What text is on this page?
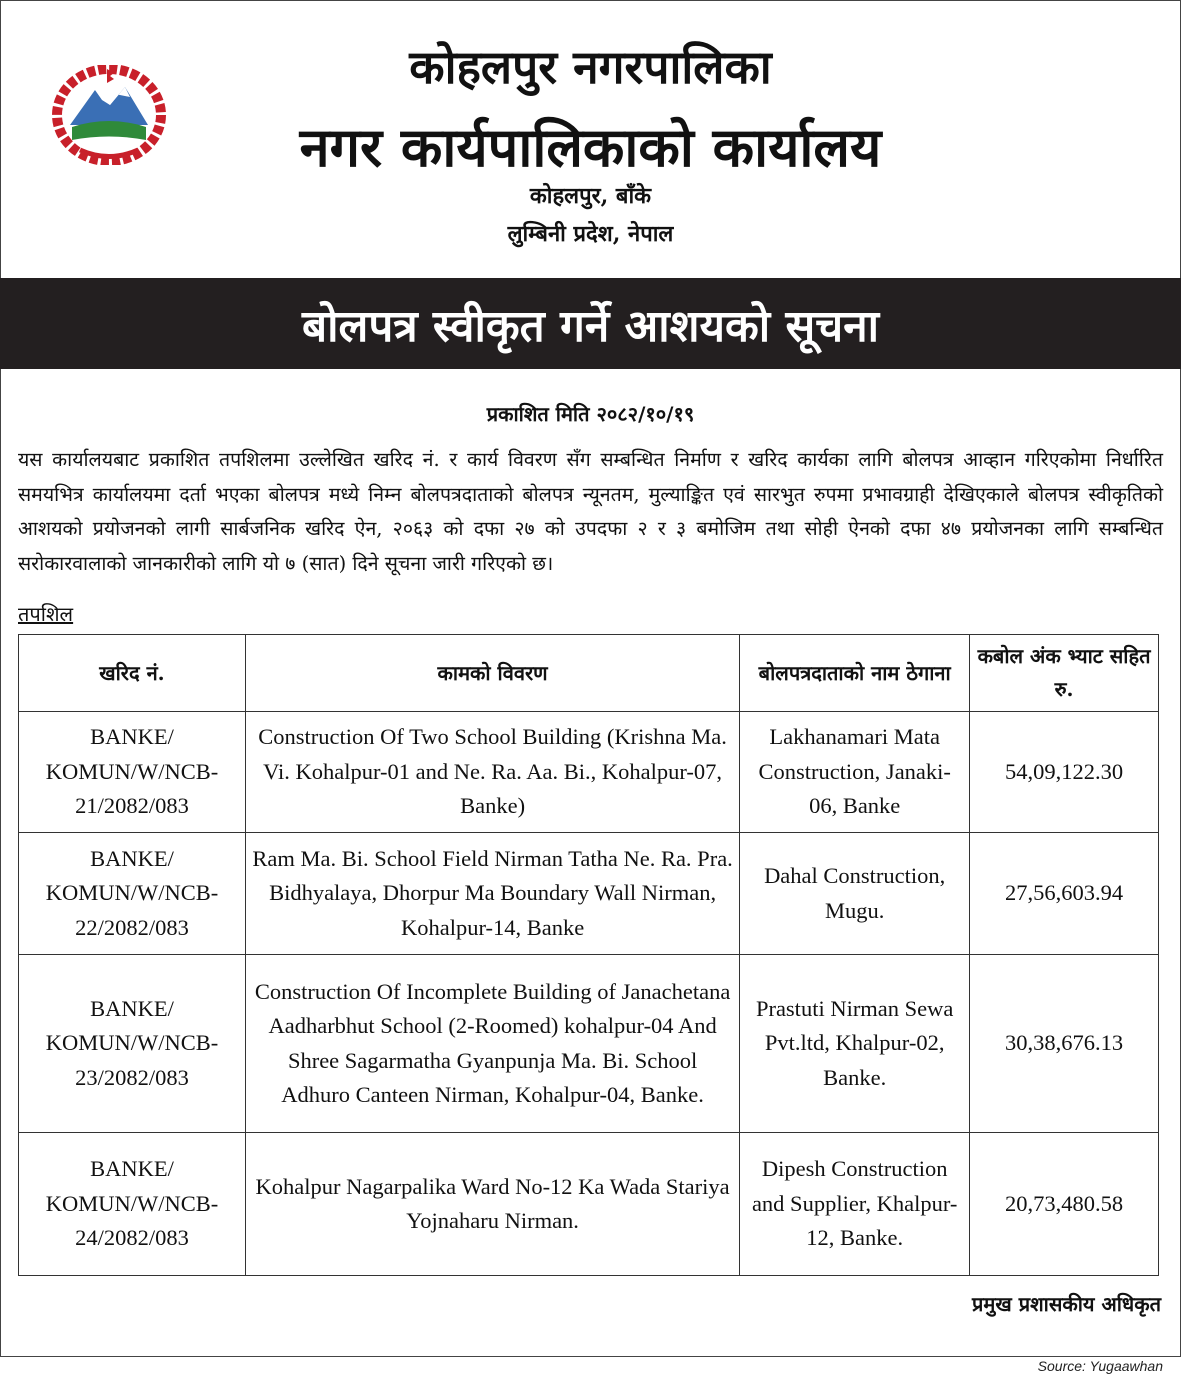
कोहलपुर नगरपालिका
नगर कार्यपालिकाको कार्यालय
कोहलपुर, बाँके
लुम्बिनी प्रदेश, नेपाल
बोलपत्र स्वीकृत गर्ने आशयको सूचना
प्रकाशित मिति २०८२/१०/१९
यस कार्यालयबाट प्रकाशित तपशिलमा उल्लेखित खरिद नं. र कार्य विवरण सँग सम्बन्धित निर्माण र खरिद कार्यका लागि बोलपत्र आव्हान गरिएकोमा निर्धारित समयभित्र कार्यालयमा दर्ता भएका बोलपत्र मध्ये निम्न बोलपत्रदाताको बोलपत्र न्यूनतम, मुल्याङ्कित एवं सारभुत रुपमा प्रभावग्राही देखिएकाले बोलपत्र स्वीकृतिको आशयको प्रयोजनको लागी सार्बजनिक खरिद ऐन, २०६३ को दफा २७ को उपदफा २ र ३ बमोजिम तथा सोही ऐनको दफा ४७ प्रयोजनका लागि सम्बन्धित सरोकारवालाको जानकारीको लागि यो ७ (सात) दिने सूचना जारी गरिएको छ।
तपशिल
खरिद नं.	कामको विवरण	बोलपत्रदाताको नाम ठेगाना	कबोल अंक भ्याट सहित रु.
BANKE/ KOMUN/W/NCB-21/2082/083	Construction Of Two School Building (Krishna Ma. Vi. Kohalpur-01 and Ne. Ra. Aa. Bi., Kohalpur-07, Banke)	Lakhanamari Mata Construction, Janaki-06, Banke	54,09,122.30
BANKE/ KOMUN/W/NCB-22/2082/083	Ram Ma. Bi. School Field Nirman Tatha Ne. Ra. Pra. Bidhyalaya, Dhorpur Ma Boundary Wall Nirman, Kohalpur-14, Banke	Dahal Construction, Mugu.	27,56,603.94
BANKE/ KOMUN/W/NCB-23/2082/083	Construction Of Incomplete Building of Janachetana Aadharbhut School (2-Roomed) kohalpur-04 And Shree Sagarmatha Gyanpunja Ma. Bi. School Adhuro Canteen Nirman, Kohalpur-04, Banke.	Prastuti Nirman Sewa Pvt.ltd, Khalpur-02, Banke.	30,38,676.13
BANKE/ KOMUN/W/NCB-24/2082/083	Kohalpur Nagarpalika Ward No-12 Ka Wada Stariya Yojnaharu Nirman.	Dipesh Construction and Supplier, Khalpur-12, Banke.	20,73,480.58
प्रमुख प्रशासकीय अधिकृत
Source: Yugaawhan
